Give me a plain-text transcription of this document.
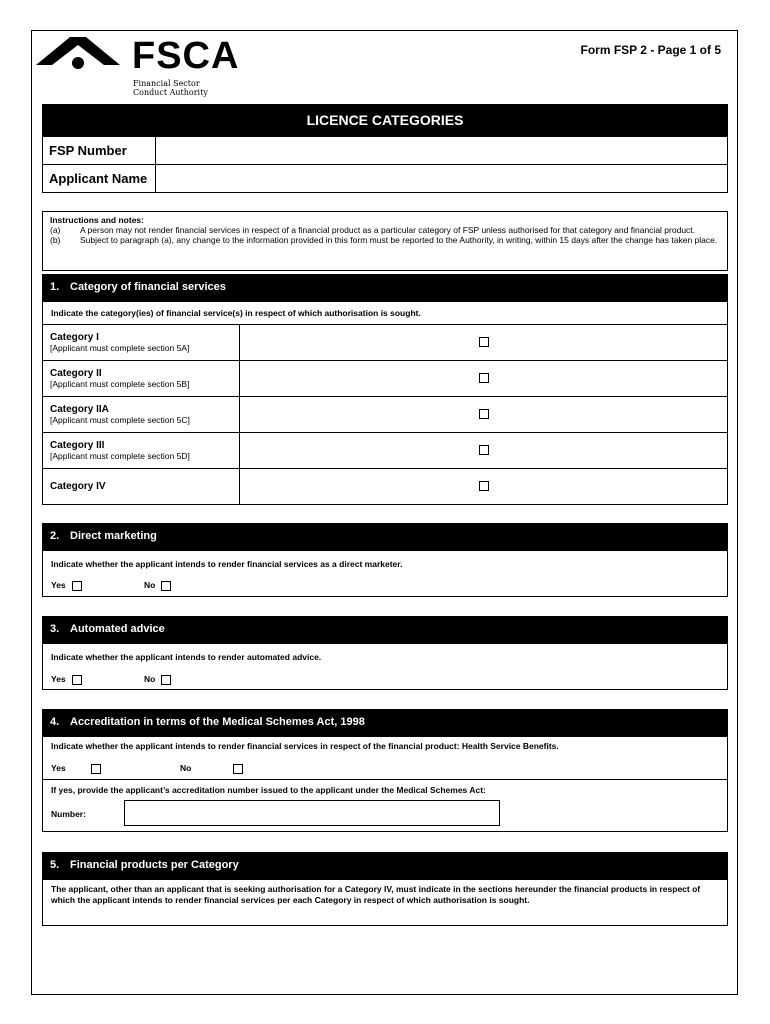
FSCA
Financial Sector
Conduct Authority
Form FSP 2 - Page 1 of 5
LICENCE CATEGORIES
FSP Number	
Applicant Name	
Instructions and notes:
(a)	A person may not render financial services in respect of a financial product as a particular category of FSP unless authorised for that category and financial product.
(b)	Subject to paragraph (a), any change to the information provided in this form must be reported to the Authority, in writing, within 15 days after the change has taken place.
1. Category of financial services
Indicate the category(ies) of financial service(s) in respect of which authorisation is sought.
Category I
[Applicant must complete section 5A]	

Category II
[Applicant must complete section 5B]	

Category IIA
[Applicant must complete section 5C]	

Category III
[Applicant must complete section 5D]	

Category IV	

2. Direct marketing
Indicate whether the applicant intends to render financial services as a direct marketer.
Yes	No
3. Automated advice
Indicate whether the applicant intends to render automated advice.
Yes	No
4. Accreditation in terms of the Medical Schemes Act, 1998
Indicate whether the applicant intends to render financial services in respect of the financial product: Health Service Benefits.
Yes	No
If yes, provide the applicant’s accreditation number issued to the applicant under the Medical Schemes Act:
Number:
5. Financial products per Category
The applicant, other than an applicant that is seeking authorisation for a Category IV, must indicate in the sections hereunder the financial products in respect of which the applicant intends to render financial services per each Category in respect of which authorisation is sought.
